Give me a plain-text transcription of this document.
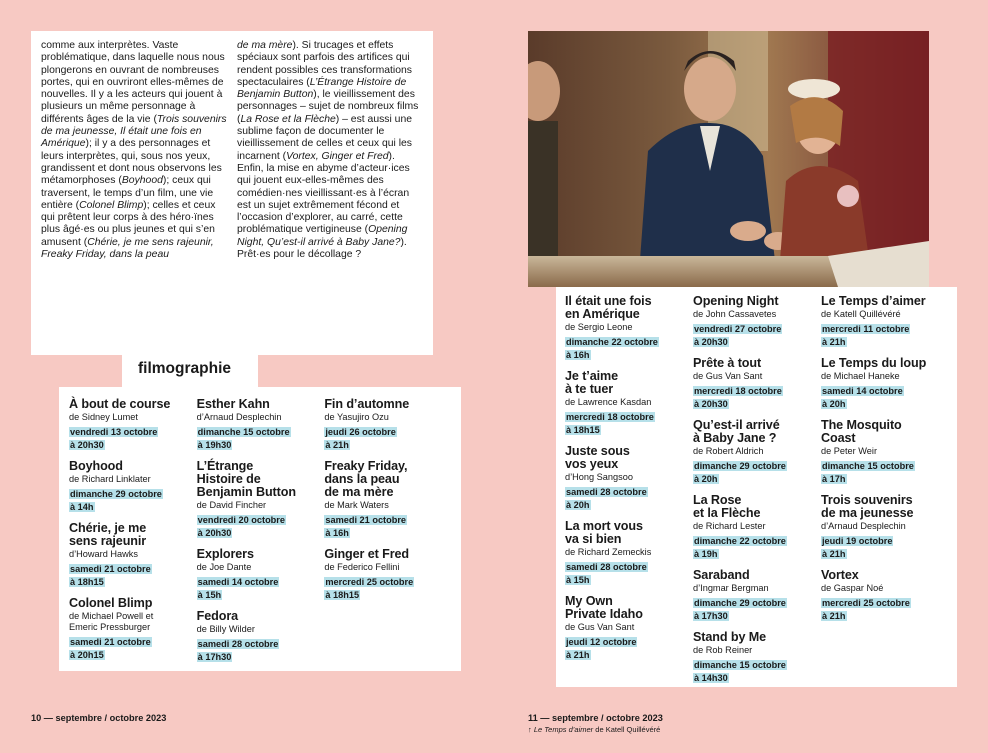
comme aux interprètes. Vaste problématique, dans laquelle nous nous plongerons en ouvrant de nombreuses portes, qui en ouvriront elles-mêmes de nouvelles. Il y a les acteurs qui jouent à plusieurs un même personnage à différents âges de la vie (Trois souvenirs de ma jeunesse, Il était une fois en Amérique); il y a des personnages et leurs interprètes, qui, sous nos yeux, grandissent et dont nous observons les métamorphoses (Boyhood); ceux qui traversent, le temps d’un film, une vie entière (Colonel Blimp); celles et ceux qui prêtent leur corps à des héro·ïnes plus âgé·es ou plus jeunes et qui s’en amusent (Chérie, je me sens rajeunir, Freaky Friday, dans la peau

de ma mère). Si trucages et effets spéciaux sont parfois des artifices qui rendent possibles ces transformations spectaculaires (L’Étrange Histoire de Benjamin Button), le vieillissement des personnages – sujet de nombreux films (La Rose et la Flèche) – est aussi une sublime façon de documenter le vieillissement de celles et ceux qui les incarnent (Vortex, Ginger et Fred). Enfin, la mise en abyme d’acteur·ices qui jouent eux-elles-mêmes des comédien·nes vieillissant·es à l’écran est un sujet extrêmement fécond et l’occasion d’explorer, au carré, cette problématique vertigineuse (Opening Night, Qu’est-il arrivé à Baby Jane?). Prêt·es pour le décollage ?

filmographie
À bout de course
de Sidney Lumet
vendredi 13 octobre
à 20h30
Boyhood
de Richard Linklater
dimanche 29 octobre
à 14h
Chérie, je me
sens rajeunir
d’Howard Hawks
samedi 21 octobre
à 18h15
Colonel Blimp
de Michael Powell et
Emeric Pressburger
samedi 21 octobre
à 20h15
Esther Kahn
d’Arnaud Desplechin
dimanche 15 octobre
à 19h30
L’Étrange
Histoire de
Benjamin Button
de David Fincher
vendredi 20 octobre
à 20h30
Explorers
de Joe Dante
samedi 14 octobre
à 15h
Fedora
de Billy Wilder
samedi 28 octobre
à 17h30
Fin d’automne
de Yasujiro Ozu
jeudi 26 octobre
à 21h
Freaky Friday,
dans la peau
de ma mère
de Mark Waters
samedi 21 octobre
à 16h
Ginger et Fred
de Federico Fellini
mercredi 25 octobre
à 18h15
Il était une fois
en Amérique
de Sergio Leone
dimanche 22 octobre
à 16h
Je t’aime
à te tuer
de Lawrence Kasdan
mercredi 18 octobre
à 18h15
Juste sous
vos yeux
d’Hong Sangsoo
samedi 28 octobre
à 20h
La mort vous
va si bien
de Richard Zemeckis
samedi 28 octobre
à 15h
My Own
Private Idaho
de Gus Van Sant
jeudi 12 octobre
à 21h
Opening Night
de John Cassavetes
vendredi 27 octobre
à 20h30
Prête à tout
de Gus Van Sant
mercredi 18 octobre
à 20h30
Qu’est-il arrivé
à Baby Jane ?
de Robert Aldrich
dimanche 29 octobre
à 20h
La Rose
et la Flèche
de Richard Lester
dimanche 22 octobre
à 19h
Saraband
d’Ingmar Bergman
dimanche 29 octobre
à 17h30
Stand by Me
de Rob Reiner
dimanche 15 octobre
à 14h30
Le Temps d’aimer
de Katell Quillévéré
mercredi 11 octobre
à 21h
Le Temps du loup
de Michael Haneke
samedi 14 octobre
à 20h
The Mosquito
Coast
de Peter Weir
dimanche 15 octobre
à 17h
Trois souvenirs
de ma jeunesse
d’Arnaud Desplechin
jeudi 19 octobre
à 21h
Vortex
de Gaspar Noé
mercredi 25 octobre
à 21h
10 — septembre / octobre 2023	11 — septembre / octobre 2023
↑ Le Temps d’aimer de Katell Quillévéré
